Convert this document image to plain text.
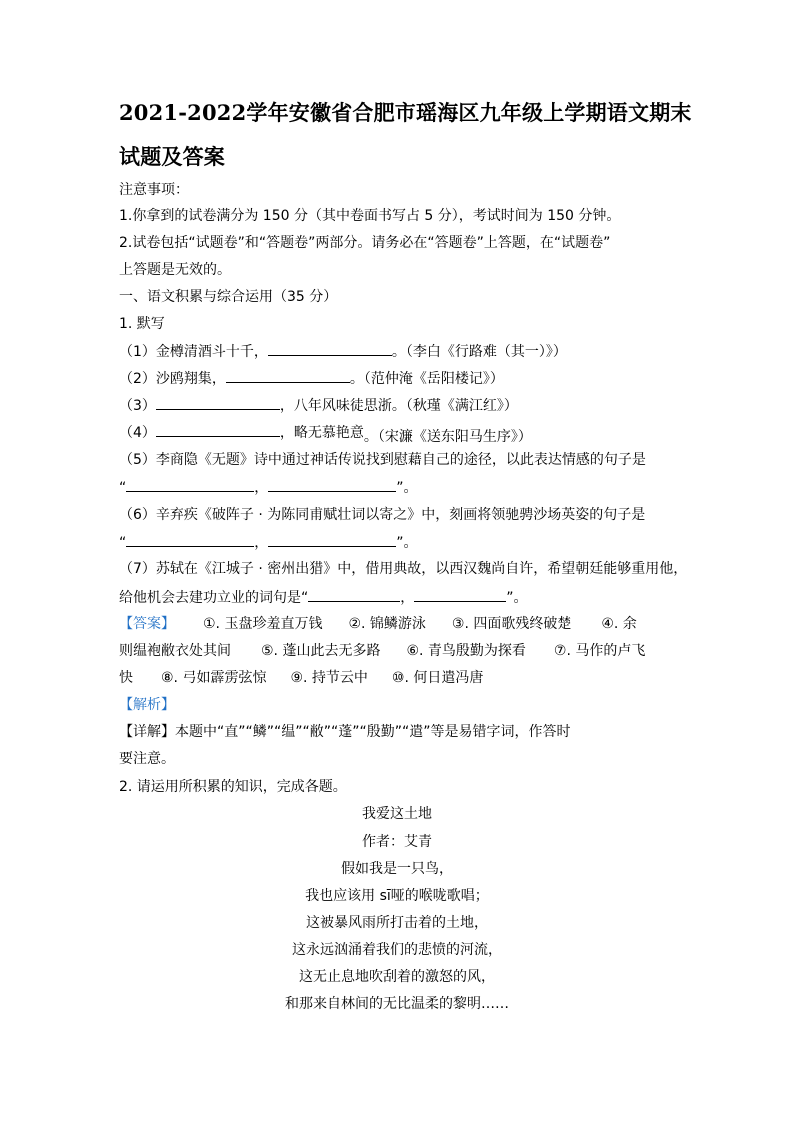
2021-2022学年安徽省合肥市瑶海区九年级上学期语文期末
试题及答案
注意事项：
1.你拿到的试卷满分为 150 分（其中卷面书写占 5 分），考试时间为 150 分钟。
2.试卷包括“试题卷”和“答题卷”两部分。请务必在“答题卷”上答题，在“试题卷”
上答题是无效的。
一、语文积累与综合运用（35 分）
1. 默写
（1）金樽清酒斗十千，	。（李白《行路难（其一）》）
（2）沙鸥翔集，	。（范仲淹《岳阳楼记》）
（3）	，八年风味徒思浙。（秋瑾《满江红》）
（4）	，略无慕艳意。（宋濂《送东阳马生序》）
（5）李商隐《无题》诗中通过神话传说找到慰藉自己的途径，以此表达情感的句子是
“	，	”。
（6）辛弃疾《破阵子 · 为陈同甫赋壮词以寄之》中，刻画将领驰骋沙场英姿的句子是
“	，	”。
（7）苏轼在《江城子 · 密州出猎》中，借用典故，以西汉魏尚自许，希望朝廷能够重用他，
给他机会去建功立业的词句是“	，	”。
【答案】 ①. 玉盘珍羞直万钱 ②. 锦鳞游泳 ③. 四面歌残终破楚 ④. 余
则缊袍敝衣处其间 ⑤. 蓬山此去无多路 ⑥. 青鸟殷勤为探看 ⑦. 马作的卢飞
快 ⑧. 弓如霹雳弦惊 ⑨. 持节云中 ⑩. 何日遣冯唐
【解析】
【详解】本题中“直”“鳞”“缊”“敝”“蓬”“殷勤”“遣”等是易错字词，作答时
要注意。
2. 请运用所积累的知识，完成各题。
我爱这土地
作者：艾青
假如我是一只鸟，
我也应该用 sī哑的喉咙歌唱；
这被暴风雨所打击着的土地，
这永远汹涌着我们的悲愤的河流，
这无止息地吹刮着的激怒的风，
和那来自林间的无比温柔的黎明……
